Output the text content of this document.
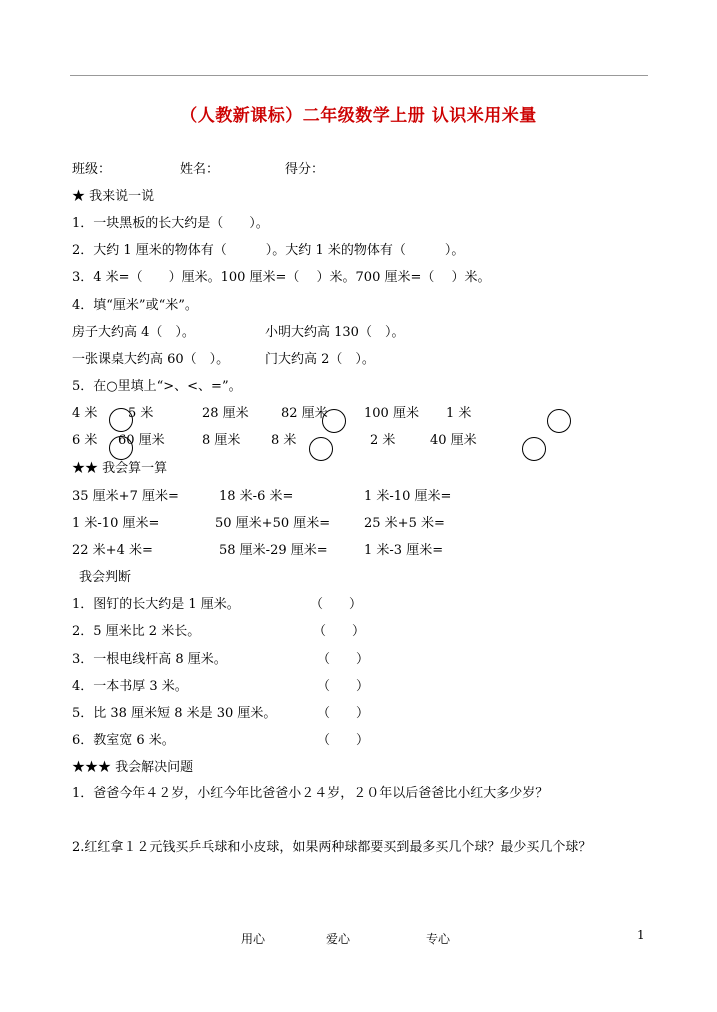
（人教新课标）二年级数学上册 认识米用米量
班级：	姓名：	得分：
★ 我来说一说
1．一块黑板的长大约是（　　）。
2．大约 1 厘米的物体有（　　　）。大约 1 米的物体有（　　　）。
3．4 米=（　　）厘米。100 厘米=（　 ）米。700 厘米=（　 ）米。
4．填“厘米”或“米”。
房子大约高 4（　）。	小明大约高 130（　）。
一张课桌大约高 60（　）。	门大约高 2（　）。
5．在○里填上“>、<、=”。
4 米 5 米	28 厘米 82 厘米	100 厘米 1 米
6 米 60 厘米	8 厘米 8 米	2 米	40 厘米
★★ 我会算一算
35 厘米+7 厘米=	18 米-6 米=	1 米-10 厘米=
1 米-10 厘米=	50 厘米+50 厘米=	25 米+5 米=
22 米+4 米=	58 厘米-29 厘米=	1 米-3 厘米=
我会判断
1．图钉的长大约是 1 厘米。	（　　）
2．5 厘米比 2 米长。	（　　）
3．一根电线杆高 8 厘米。	（　　）
4．一本书厚 3 米。	（　　）
5．比 38 厘米短 8 米是 30 厘米。	（　　）
6．教室宽 6 米。	（　　）
★★★ 我会解决问题
1．爸爸今年４２岁，小红今年比爸爸小２４岁，２０年以后爸爸比小红大多少岁？
2.红红拿１２元钱买乒乓球和小皮球，如果两种球都要买到最多买几个球？最少买几个球？
用心	爱心	专心	1
